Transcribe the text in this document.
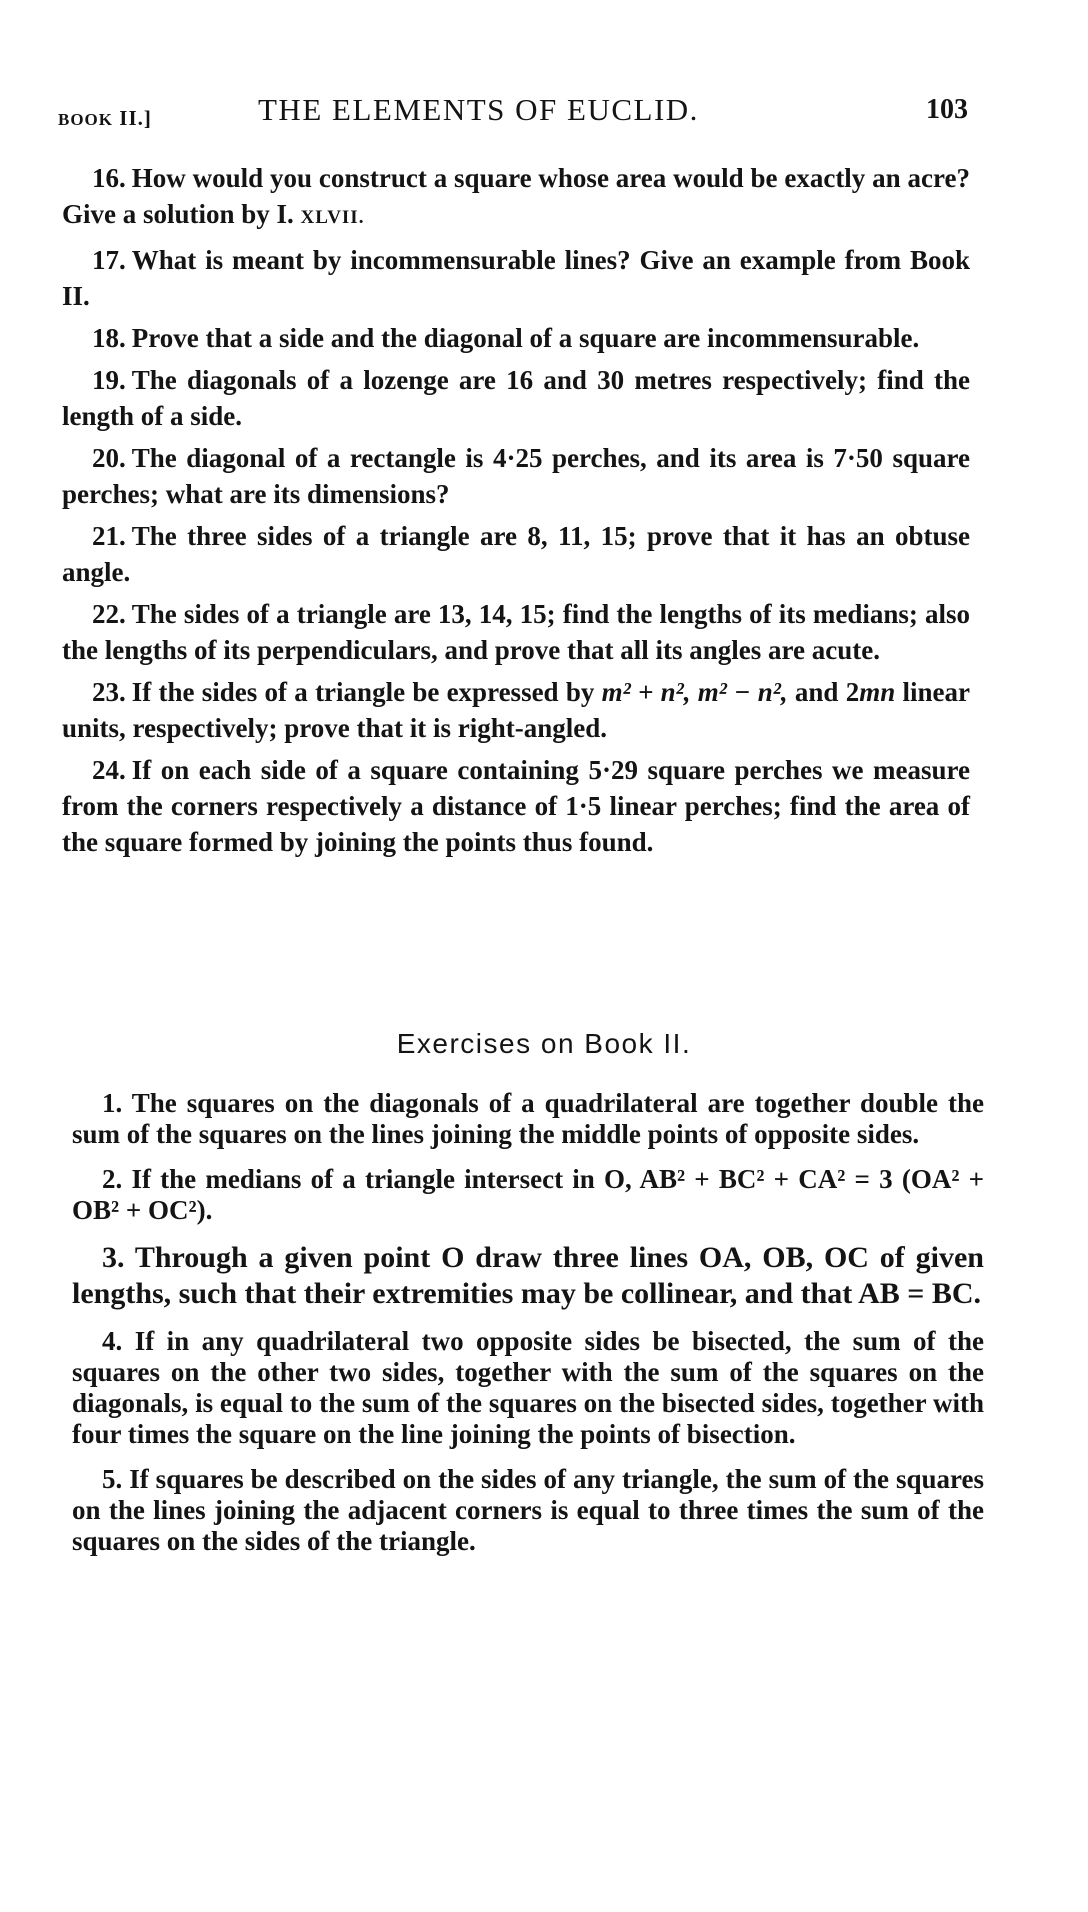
BOOK II.]	THE ELEMENTS OF EUCLID.	103

16. How would you construct a square whose area would be exactly an acre? Give a solution by I. XLVII.

17. What is meant by incommensurable lines? Give an example from Book II.

18. Prove that a side and the diagonal of a square are incommensurable.

19. The diagonals of a lozenge are 16 and 30 metres respectively; find the length of a side.

20. The diagonal of a rectangle is 4·25 perches, and its area is 7·50 square perches; what are its dimensions?

21. The three sides of a triangle are 8, 11, 15; prove that it has an obtuse angle.

22. The sides of a triangle are 13, 14, 15; find the lengths of its medians; also the lengths of its perpendiculars, and prove that all its angles are acute.

23. If the sides of a triangle be expressed by m² + n², m² − n², and 2mn linear units, respectively; prove that it is right-angled.

24. If on each side of a square containing 5·29 square perches we measure from the corners respectively a distance of 1·5 linear perches; find the area of the square formed by joining the points thus found.

Exercises on Book II.

1. The squares on the diagonals of a quadrilateral are together double the sum of the squares on the lines joining the middle points of opposite sides.

2. If the medians of a triangle intersect in O, AB² + BC² + CA² = 3 (OA² + OB² + OC²).

3. Through a given point O draw three lines OA, OB, OC of given lengths, such that their extremities may be collinear, and that AB = BC.

4. If in any quadrilateral two opposite sides be bisected, the sum of the squares on the other two sides, together with the sum of the squares on the diagonals, is equal to the sum of the squares on the bisected sides, together with four times the square on the line joining the points of bisection.

5. If squares be described on the sides of any triangle, the sum of the squares on the lines joining the adjacent corners is equal to three times the sum of the squares on the sides of the triangle.
